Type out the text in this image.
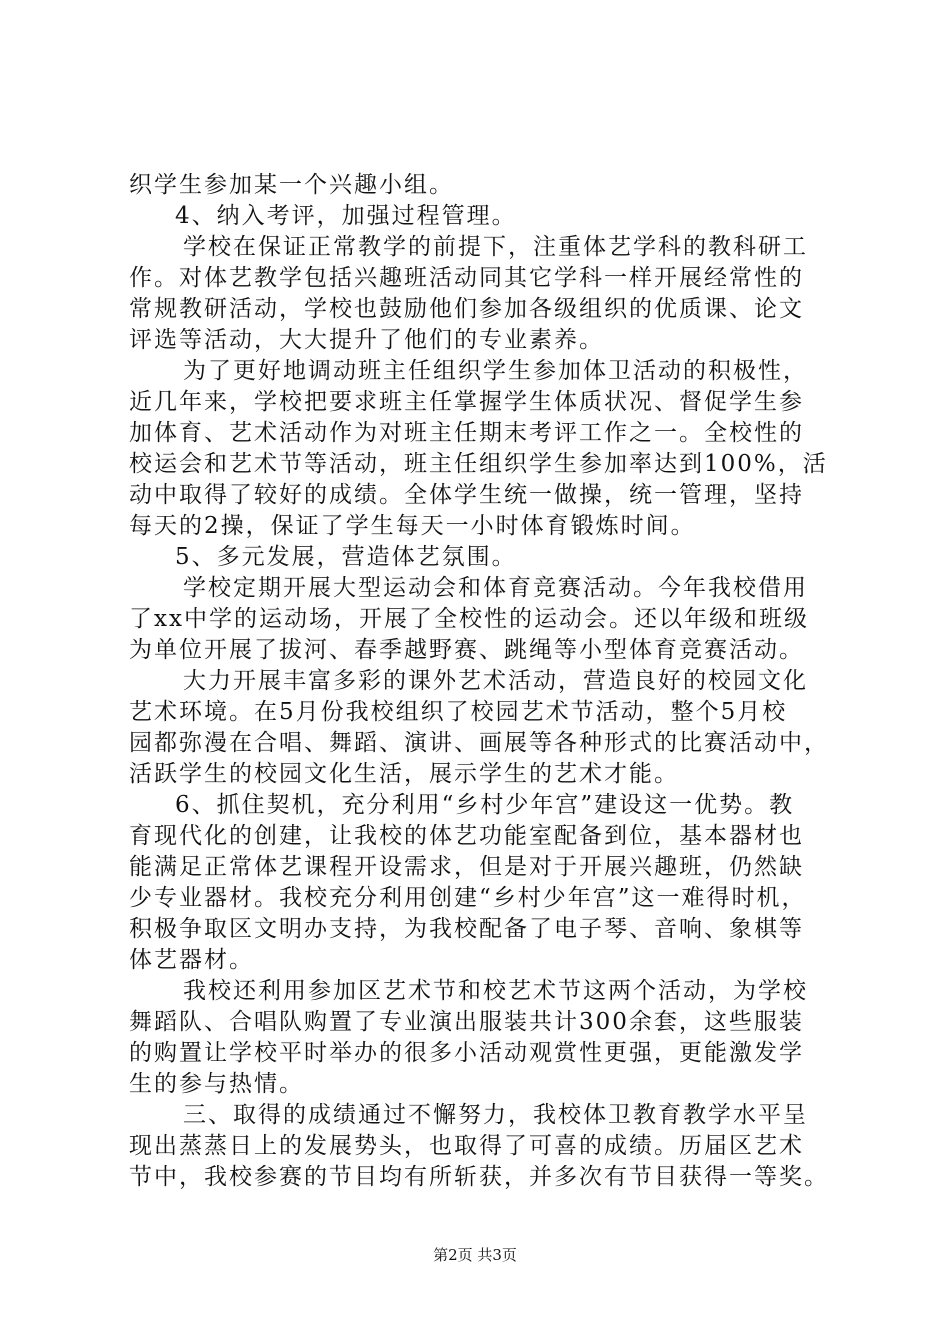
织学生参加某一个兴趣小组。
4、纳入考评，加强过程管理。
学校在保证正常教学的前提下，注重体艺学科的教科研工
作。对体艺教学包括兴趣班活动同其它学科一样开展经常性的
常规教研活动，学校也鼓励他们参加各级组织的优质课、论文
评选等活动，大大提升了他们的专业素养。
为了更好地调动班主任组织学生参加体卫活动的积极性，
近几年来，学校把要求班主任掌握学生体质状况、督促学生参
加体育、艺术活动作为对班主任期末考评工作之一。全校性的
校运会和艺术节等活动，班主任组织学生参加率达到100%，活
动中取得了较好的成绩。全体学生统一做操，统一管理，坚持
每天的2操，保证了学生每天一小时体育锻炼时间。
5、多元发展，营造体艺氛围。
学校定期开展大型运动会和体育竞赛活动。今年我校借用
了xx中学的运动场，开展了全校性的运动会。还以年级和班级
为单位开展了拔河、春季越野赛、跳绳等小型体育竞赛活动。
大力开展丰富多彩的课外艺术活动，营造良好的校园文化
艺术环境。在5月份我校组织了校园艺术节活动，整个5月校
园都弥漫在合唱、舞蹈、演讲、画展等各种形式的比赛活动中，
活跃学生的校园文化生活，展示学生的艺术才能。
6、抓住契机，充分利用“乡村少年宫”建设这一优势。教
育现代化的创建，让我校的体艺功能室配备到位，基本器材也
能满足正常体艺课程开设需求，但是对于开展兴趣班，仍然缺
少专业器材。我校充分利用创建“乡村少年宫”这一难得时机，
积极争取区文明办支持，为我校配备了电子琴、音响、象棋等
体艺器材。
我校还利用参加区艺术节和校艺术节这两个活动，为学校
舞蹈队、合唱队购置了专业演出服装共计300余套，这些服装
的购置让学校平时举办的很多小活动观赏性更强，更能激发学
生的参与热情。
三、取得的成绩通过不懈努力，我校体卫教育教学水平呈
现出蒸蒸日上的发展势头，也取得了可喜的成绩。历届区艺术
节中，我校参赛的节目均有所斩获，并多次有节目获得一等奖。
第2页 共3页
